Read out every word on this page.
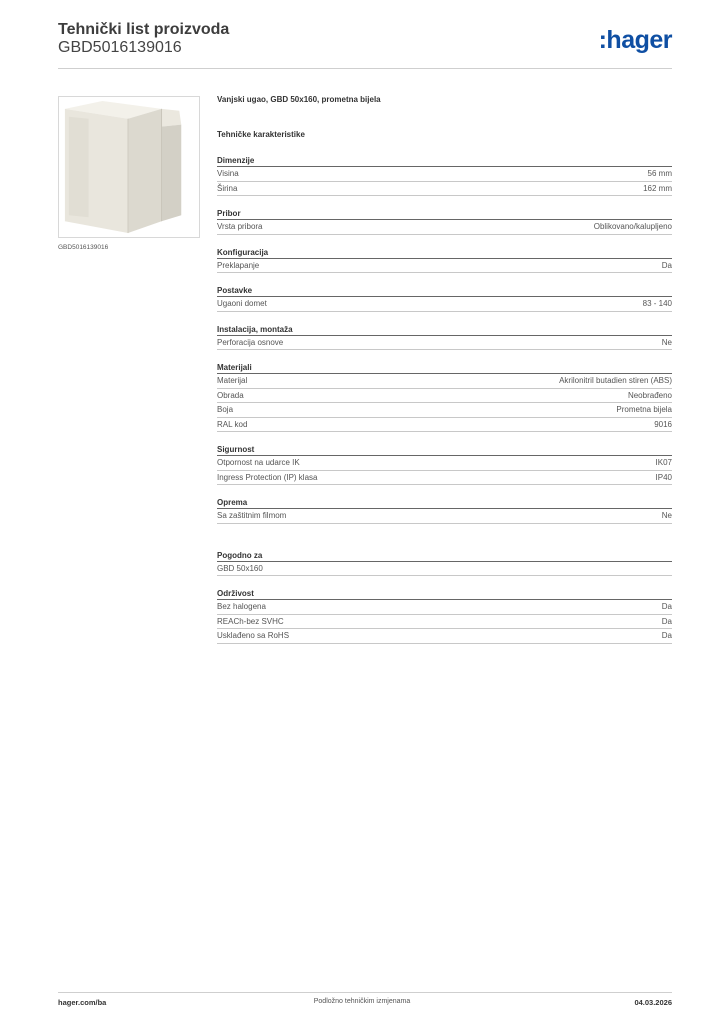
Tehnički list proizvoda
GBD5016139016	:hager
GBD5016139016

Vanjski ugao, GBD 50x160, prometna bijela

Tehničke karakteristike
Dimenzije
Visina	56 mm
Širina	162 mm
Pribor
Vrsta pribora	Oblikovano/kalupljeno
Konfiguracija
Preklapanje	Da
Postavke
Ugaoni domet	83 - 140
Instalacija, montaža
Perforacija osnove	Ne
Materijali
Materijal	Akrilonitril butadien stiren (ABS)
Obrada	Neobrađeno
Boja	Prometna bijela
RAL kod	9016
Sigurnost
Otpornost na udarce IK	IK07
Ingress Protection (IP) klasa	IP40
Oprema
Sa zaštitnim filmom	Ne
Pogodno za
GBD 50x160
Održivost
Bez halogena	Da
REACh-bez SVHC	Da
Usklađeno sa RoHS	Da
hager.com/ba	Podložno tehničkim izmjenama	04.03.2026
